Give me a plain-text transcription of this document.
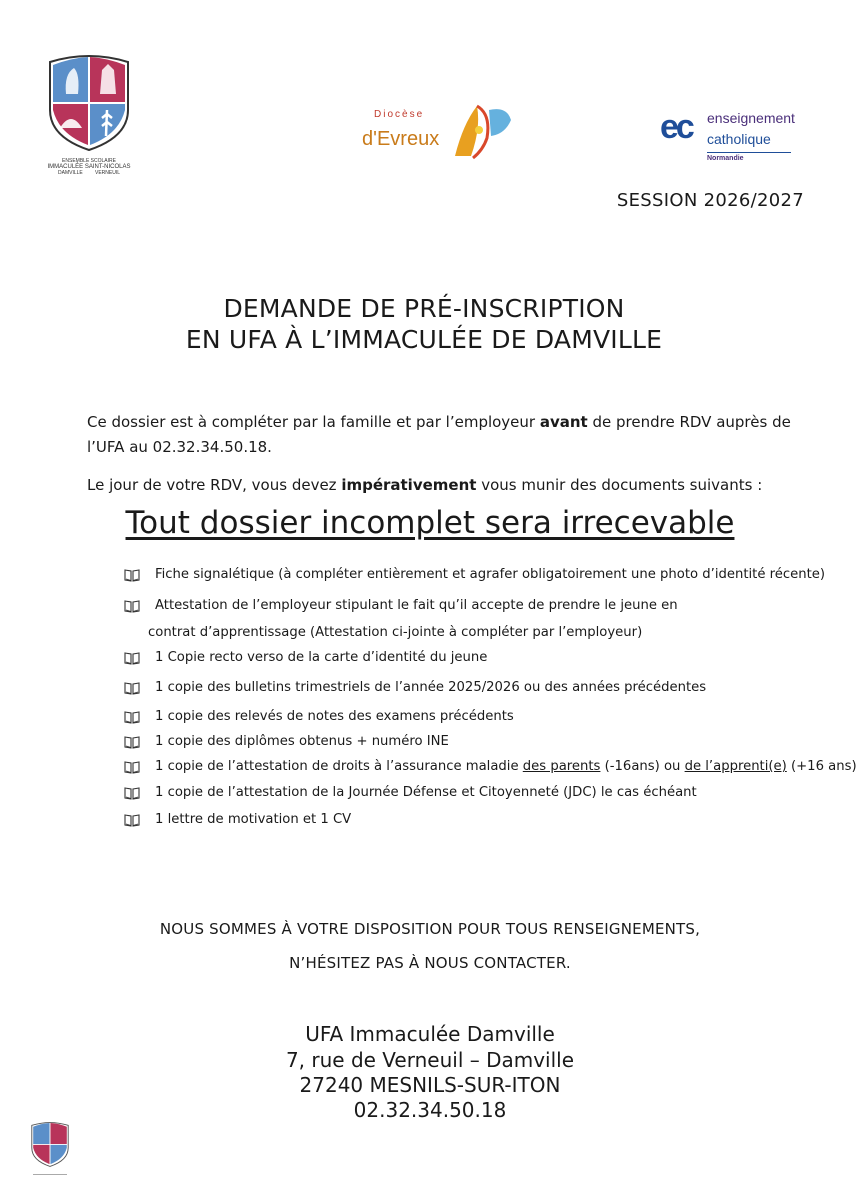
ENSEMBLE SCOLAIRE
IMMACULÉE SAINT-NICOLAS
DAMVILLE VERNEUIL
Diocèse
d'Evreux	ec enseignement
catholique
Normandie
SESSION 2026/2027
DEMANDE DE PRÉ-INSCRIPTION
EN UFA À L’IMMACULÉE DE DAMVILLE
Ce dossier est à compléter par la famille et par l’employeur avant de prendre RDV auprès de l’UFA au 02.32.34.50.18.
Le jour de votre RDV, vous devez impérativement vous munir des documents suivants :
Tout dossier incomplet sera irrecevable
Fiche signalétique (à compléter entièrement et agrafer obligatoirement une photo d’identité récente)
Attestation de l’employeur stipulant le fait qu’il accepte de prendre le jeune en
contrat d’apprentissage (Attestation ci-jointe à compléter par l’employeur)
1 Copie recto verso de la carte d’identité du jeune
1 copie des bulletins trimestriels de l’année 2025/2026 ou des années précédentes
1 copie des relevés de notes des examens précédents
1 copie des diplômes obtenus + numéro INE
1 copie de l’attestation de droits à l’assurance maladie des parents (-16ans) ou de l’apprenti(e) (+16 ans)
1 copie de l’attestation de la Journée Défense et Citoyenneté (JDC) le cas échéant
1 lettre de motivation et 1 CV
NOUS SOMMES À VOTRE DISPOSITION POUR TOUS RENSEIGNEMENTS,
N’HÉSITEZ PAS À NOUS CONTACTER.
UFA Immaculée Damville
7, rue de Verneuil – Damville
27240 MESNILS-SUR-ITON
02.32.34.50.18
